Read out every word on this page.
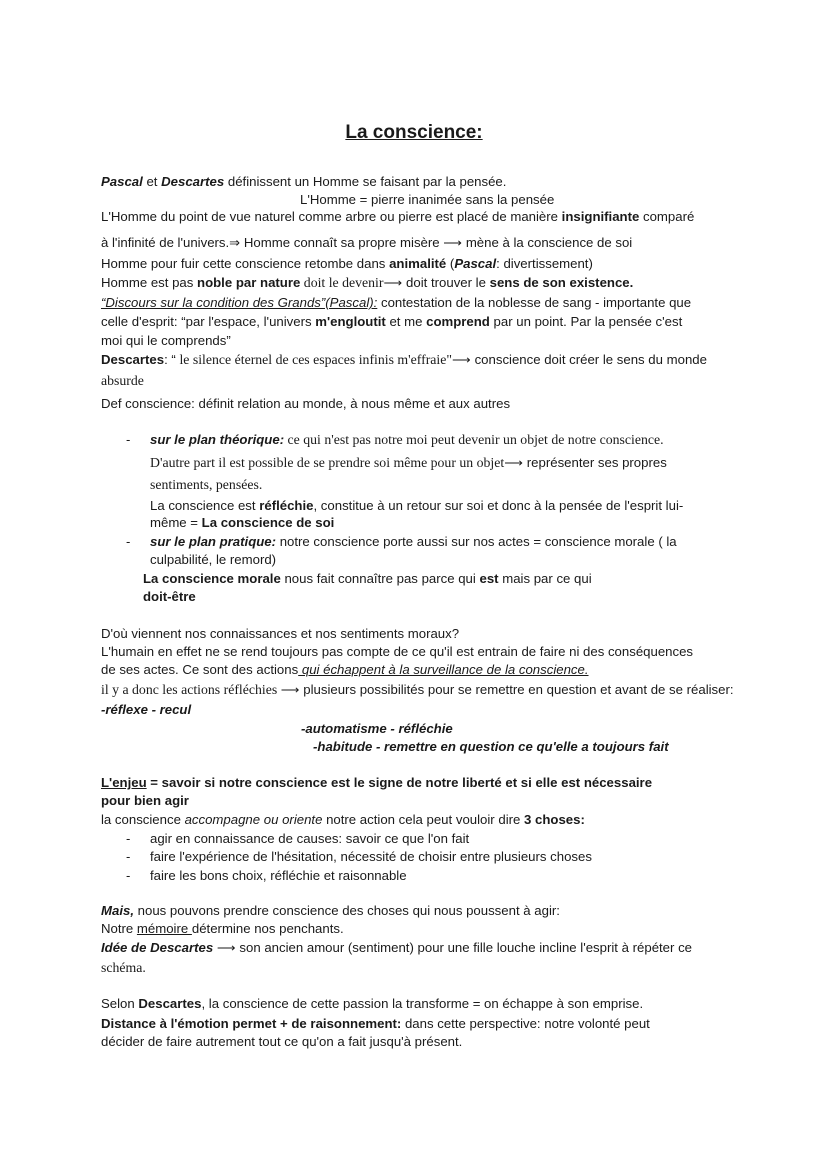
La conscience:
Pascal et Descartes définissent un Homme se faisant par la pensée.
L'Homme = pierre inanimée sans la pensée
L'Homme du point de vue naturel comme arbre ou pierre est placé de manière insignifiante comparé
à l'infinité de l'univers.⇒ Homme connaît sa propre misère ⟶ mène à la conscience de soi
Homme pour fuir cette conscience retombe dans animalité (Pascal: divertissement)
Homme est pas noble par nature doit le devenir⟶ doit trouver le sens de son existence.
“Discours sur la condition des Grands”(Pascal): contestation de la noblesse de sang - importante que
celle d'esprit: “par l'espace, l'univers m'engloutit et me comprend par un point. Par la pensée c'est
moi qui le comprends”
Descartes: “ le silence éternel de ces espaces infinis m'effraie"⟶ conscience doit créer le sens du monde
absurde
Def conscience: définit relation au monde, à nous même et aux autres
sur le plan théorique: ce qui n'est pas notre moi peut devenir un objet de notre conscience.
-
D'autre part il est possible de se prendre soi même pour un objet⟶ représenter ses propres
sentiments, pensées.
La conscience est réfléchie, constitue à un retour sur soi et donc à la pensée de l'esprit lui-
même = La conscience de soi
sur le plan pratique: notre conscience porte aussi sur nos actes = conscience morale ( la
-
culpabilité, le remord)
La conscience morale nous fait connaître pas parce qui est mais par ce qui
doit-être
D'où viennent nos connaissances et nos sentiments moraux?
L'humain en effet ne se rend toujours pas compte de ce qu'il est entrain de faire ni des conséquences
de ses actes. Ce sont des actions qui échappent à la surveillance de la conscience.
il y a donc les actions réfléchies ⟶ plusieurs possibilités pour se remettre en question et avant de se réaliser:
-réflexe - recul
-automatisme - réfléchie
-habitude - remettre en question ce qu'elle a toujours fait
L'enjeu = savoir si notre conscience est le signe de notre liberté et si elle est nécessaire
pour bien agir
la conscience accompagne ou oriente notre action cela peut vouloir dire 3 choses:
agir en connaissance de causes: savoir ce que l'on fait
-
faire l'expérience de l'hésitation, nécessité de choisir entre plusieurs choses
-
faire les bons choix, réfléchie et raisonnable
-
Mais, nous pouvons prendre conscience des choses qui nous poussent à agir:
Notre mémoire détermine nos penchants.
Idée de Descartes ⟶ son ancien amour (sentiment) pour une fille louche incline l'esprit à répéter ce
schéma.
Selon Descartes, la conscience de cette passion la transforme = on échappe à son emprise.
Distance à l'émotion permet + de raisonnement: dans cette perspective: notre volonté peut
décider de faire autrement tout ce qu'on a fait jusqu'à présent.
